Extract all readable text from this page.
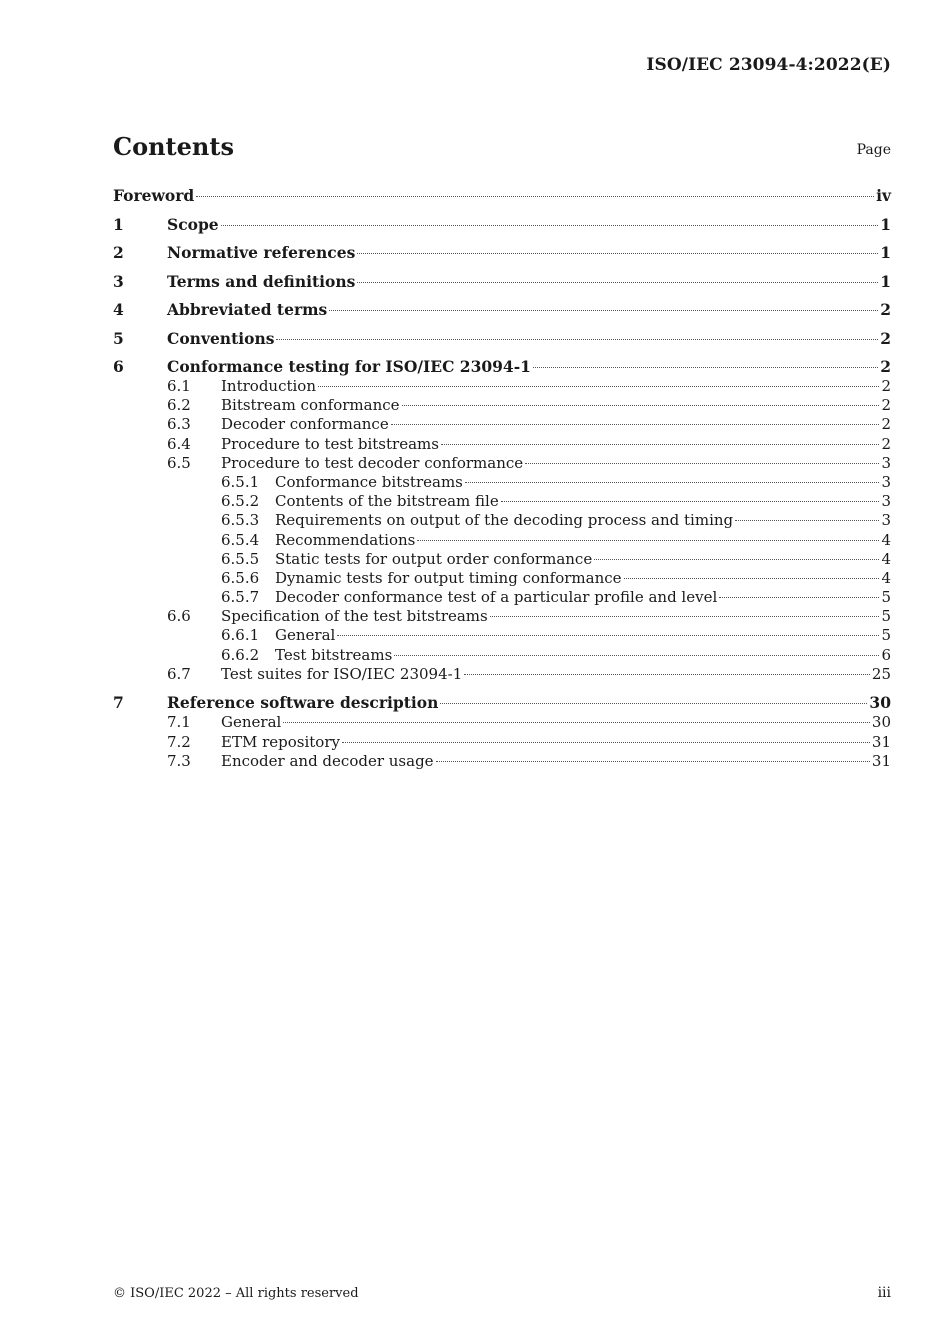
ISO/IEC 23094-4:2022(E)
Contents	Page
Foreword	iv
1	Scope	1
2	Normative references	1
3	Terms and definitions	1
4	Abbreviated terms	2
5	Conventions	2
6	Conformance testing for ISO/IEC 23094-1	2
6.1	Introduction	2
6.2	Bitstream conformance	2
6.3	Decoder conformance	2
6.4	Procedure to test bitstreams	2
6.5	Procedure to test decoder conformance	3
6.5.1	Conformance bitstreams	3
6.5.2	Contents of the bitstream file	3
6.5.3	Requirements on output of the decoding process and timing	3
6.5.4	Recommendations	4
6.5.5	Static tests for output order conformance	4
6.5.6	Dynamic tests for output timing conformance	4
6.5.7	Decoder conformance test of a particular profile and level	5
6.6	Specification of the test bitstreams	5
6.6.1	General	5
6.6.2	Test bitstreams	6
6.7	Test suites for ISO/IEC 23094-1	25
7	Reference software description	30
7.1	General	30
7.2	ETM repository	31
7.3	Encoder and decoder usage	31
© ISO/IEC 2022 – All rights reserved	iii
